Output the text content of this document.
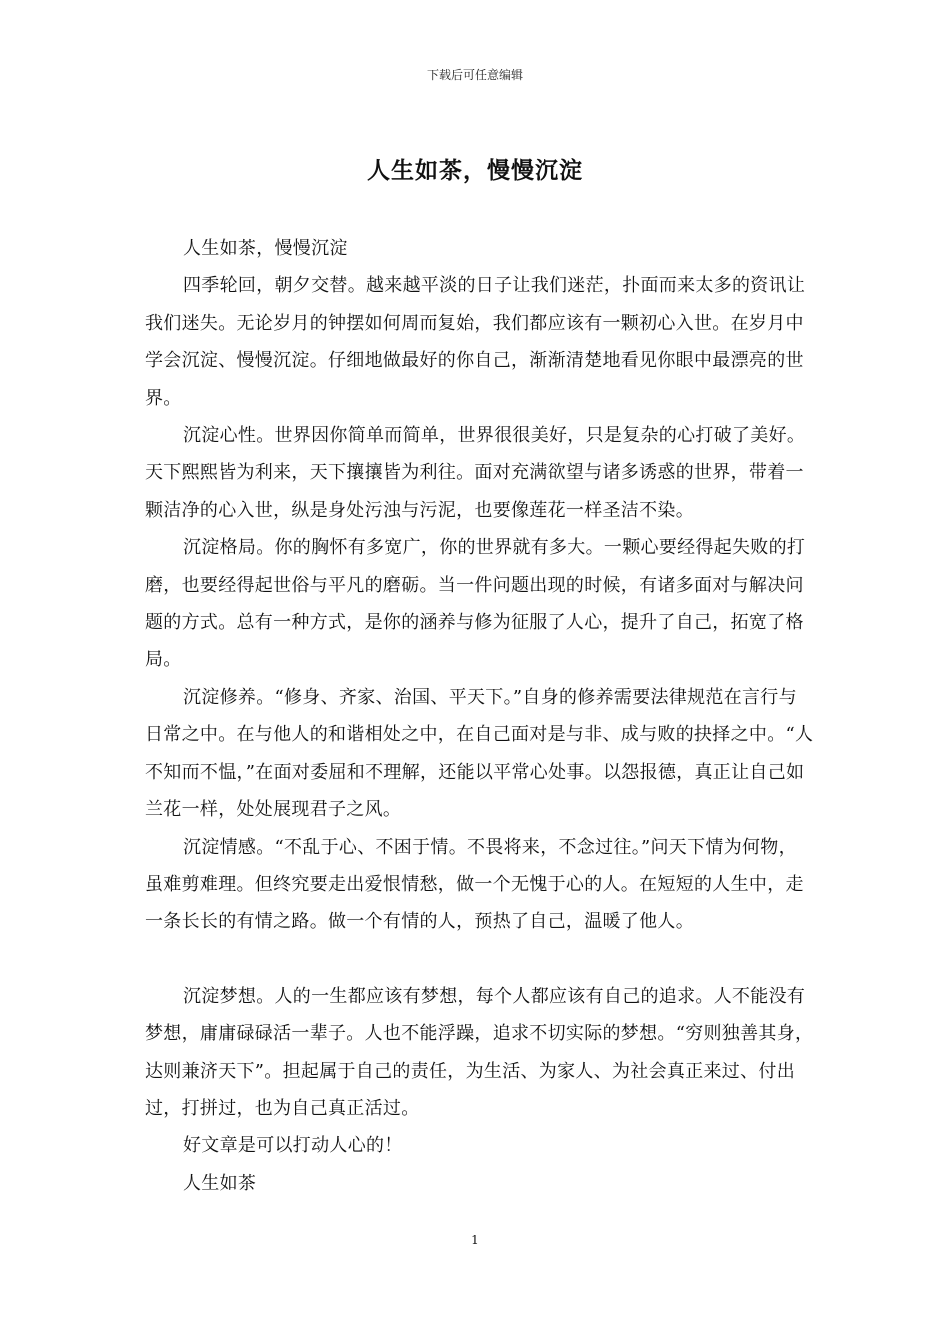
下载后可任意编辑
人生如茶，慢慢沉淀

人生如茶，慢慢沉淀

四季轮回，朝夕交替。越来越平淡的日子让我们迷茫，扑面而来太多的资讯让我们迷失。无论岁月的钟摆如何周而复始，我们都应该有一颗初心入世。在岁月中学会沉淀、慢慢沉淀。仔细地做最好的你自己，渐渐清楚地看见你眼中最漂亮的世界。

沉淀心性。世界因你简单而简单，世界很很美好，只是复杂的心打破了美好。天下熙熙皆为利来，天下攘攘皆为利往。面对充满欲望与诸多诱惑的世界，带着一颗洁净的心入世，纵是身处污浊与污泥，也要像莲花一样圣洁不染。

沉淀格局。你的胸怀有多宽广，你的世界就有多大。一颗心要经得起失败的打磨，也要经得起世俗与平凡的磨砺。当一件问题出现的时候，有诸多面对与解决问题的方式。总有一种方式，是你的涵养与修为征服了人心，提升了自己，拓宽了格局。

沉淀修养。“修身、齐家、治国、平天下。”自身的修养需要法律规范在言行与日常之中。在与他人的和谐相处之中，在自己面对是与非、成与败的抉择之中。“人不知而不愠，”在面对委屈和不理解，还能以平常心处事。以怨报德，真正让自己如兰花一样，处处展现君子之风。

沉淀情感。“不乱于心、不困于情。不畏将来，不念过往。”问天下情为何物，虽难剪难理。但终究要走出爱恨情愁，做一个无愧于心的人。在短短的人生中，走一条长长的有情之路。做一个有情的人，预热了自己，温暖了他人。

沉淀梦想。人的一生都应该有梦想，每个人都应该有自己的追求。人不能没有梦想，庸庸碌碌活一辈子。人也不能浮躁，追求不切实际的梦想。“穷则独善其身，达则兼济天下”。担起属于自己的责任，为生活、为家人、为社会真正来过、付出过，打拼过，也为自己真正活过。

好文章是可以打动人心的！

人生如茶

1
